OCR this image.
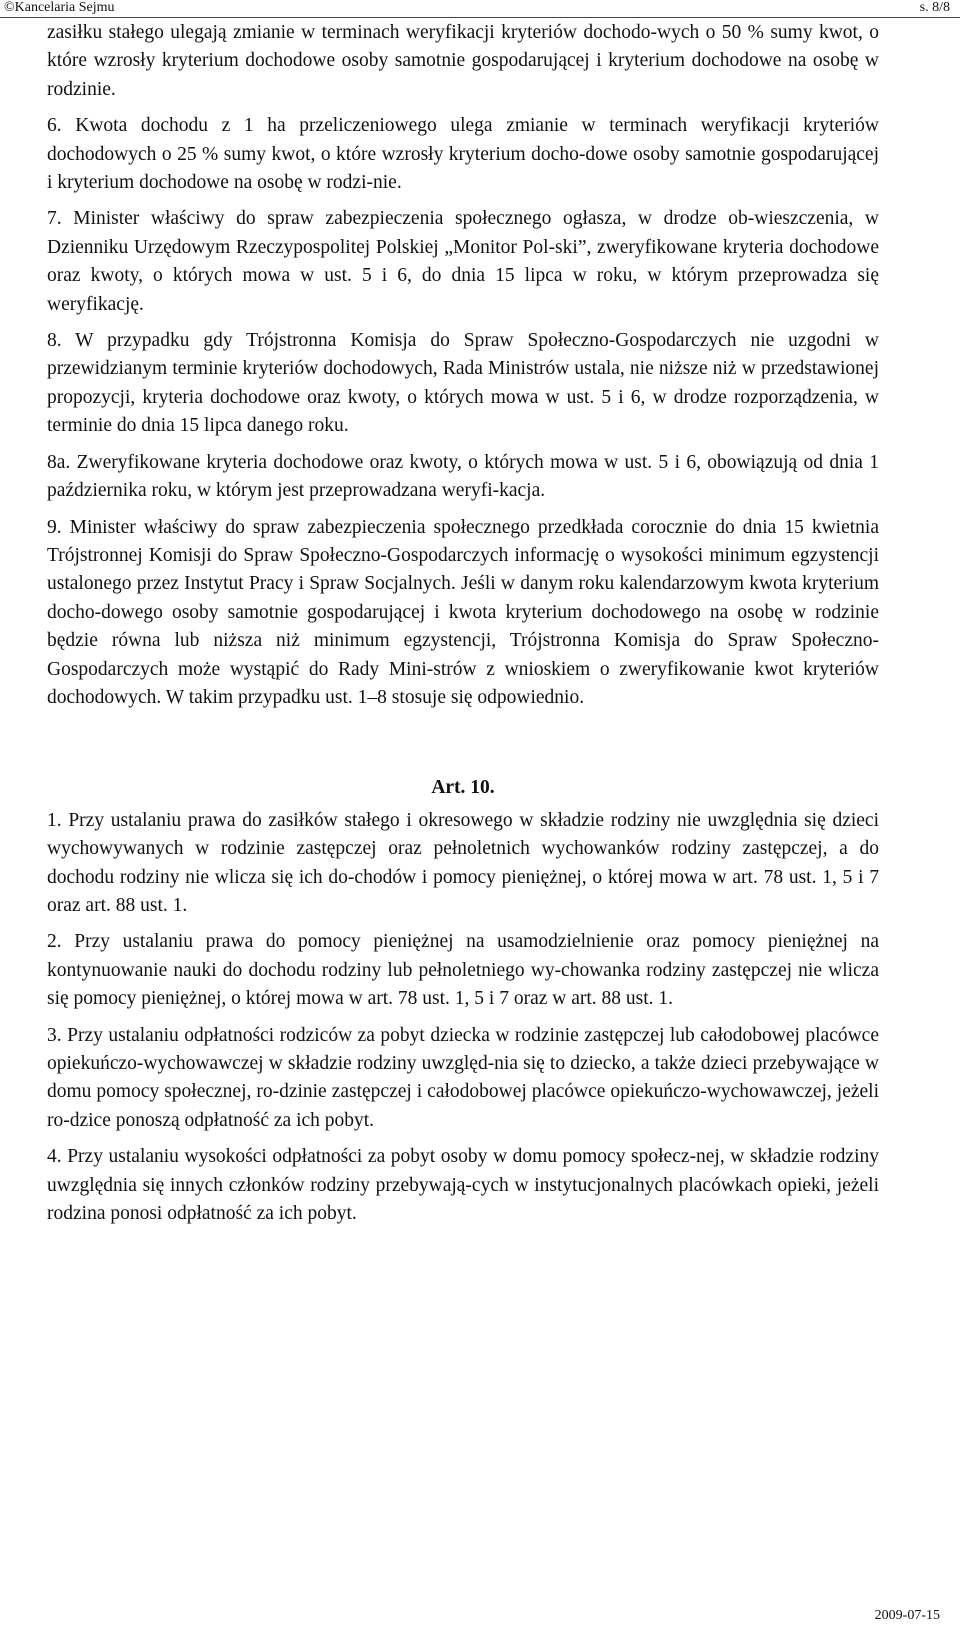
©Kancelaria Sejmu	s. 8/8

zasiłku stałego ulegają zmianie w terminach weryfikacji kryteriów dochodo-wych o 50 % sumy kwot, o które wzrosły kryterium dochodowe osoby samotnie gospodarującej i kryterium dochodowe na osobę w rodzinie.

6. Kwota dochodu z 1 ha przeliczeniowego ulega zmianie w terminach weryfikacji kryteriów dochodowych o 25 % sumy kwot, o które wzrosły kryterium docho-dowe osoby samotnie gospodarującej i kryterium dochodowe na osobę w rodzi-nie.

7. Minister właściwy do spraw zabezpieczenia społecznego ogłasza, w drodze ob-wieszczenia, w Dzienniku Urzędowym Rzeczypospolitej Polskiej „Monitor Pol-ski”, zweryfikowane kryteria dochodowe oraz kwoty, o których mowa w ust. 5 i 6, do dnia 15 lipca w roku, w którym przeprowadza się weryfikację.

8. W przypadku gdy Trójstronna Komisja do Spraw Społeczno-Gospodarczych nie uzgodni w przewidzianym terminie kryteriów dochodowych, Rada Ministrów ustala, nie niższe niż w przedstawionej propozycji, kryteria dochodowe oraz kwoty, o których mowa w ust. 5 i 6, w drodze rozporządzenia, w terminie do dnia 15 lipca danego roku.

8a. Zweryfikowane kryteria dochodowe oraz kwoty, o których mowa w ust. 5 i 6, obowiązują od dnia 1 października roku, w którym jest przeprowadzana weryfi-kacja.

9. Minister właściwy do spraw zabezpieczenia społecznego przedkłada corocznie do dnia 15 kwietnia Trójstronnej Komisji do Spraw Społeczno-Gospodarczych informację o wysokości minimum egzystencji ustalonego przez Instytut Pracy i Spraw Socjalnych. Jeśli w danym roku kalendarzowym kwota kryterium docho-dowego osoby samotnie gospodarującej i kwota kryterium dochodowego na osobę w rodzinie będzie równa lub niższa niż minimum egzystencji, Trójstronna Komisja do Spraw Społeczno-Gospodarczych może wystąpić do Rady Mini-strów z wnioskiem o zweryfikowanie kwot kryteriów dochodowych. W takim przypadku ust. 1–8 stosuje się odpowiednio.

Art. 10.

1. Przy ustalaniu prawa do zasiłków stałego i okresowego w składzie rodziny nie uwzględnia się dzieci wychowywanych w rodzinie zastępczej oraz pełnoletnich wychowanków rodziny zastępczej, a do dochodu rodziny nie wlicza się ich do-chodów i pomocy pieniężnej, o której mowa w art. 78 ust. 1, 5 i 7 oraz art. 88 ust. 1.

2. Przy ustalaniu prawa do pomocy pieniężnej na usamodzielnienie oraz pomocy pieniężnej na kontynuowanie nauki do dochodu rodziny lub pełnoletniego wy-chowanka rodziny zastępczej nie wlicza się pomocy pieniężnej, o której mowa w art. 78 ust. 1, 5 i 7 oraz w art. 88 ust. 1.

3. Przy ustalaniu odpłatności rodziców za pobyt dziecka w rodzinie zastępczej lub całodobowej placówce opiekuńczo-wychowawczej w składzie rodziny uwzględ-nia się to dziecko, a także dzieci przebywające w domu pomocy społecznej, ro-dzinie zastępczej i całodobowej placówce opiekuńczo-wychowawczej, jeżeli ro-dzice ponoszą odpłatność za ich pobyt.

4. Przy ustalaniu wysokości odpłatności za pobyt osoby w domu pomocy społecz-nej, w składzie rodziny uwzględnia się innych członków rodziny przebywają-cych w instytucjonalnych placówkach opieki, jeżeli rodzina ponosi odpłatność za ich pobyt.

2009-07-15
